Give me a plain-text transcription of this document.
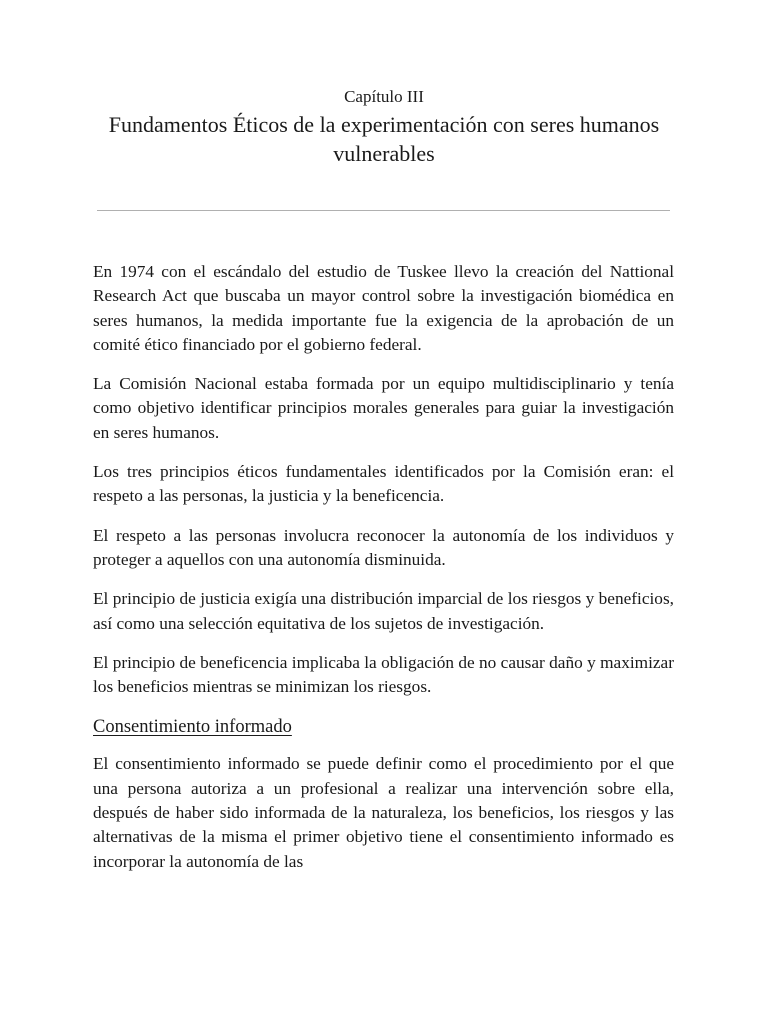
Capítulo III
Fundamentos Éticos de la experimentación con seres humanos vulnerables

En 1974 con el escándalo del estudio de Tuskee llevo la creación del Nattional Research Act que buscaba un mayor control sobre la investigación biomédica en seres humanos, la medida importante fue la exigencia de la aprobación de un comité ético financiado por el gobierno federal.

La Comisión Nacional estaba formada por un equipo multidisciplinario y tenía como objetivo identificar principios morales generales para guiar la investigación en seres humanos.

Los tres principios éticos fundamentales identificados por la Comisión eran: el respeto a las personas, la justicia y la beneficencia.

El respeto a las personas involucra reconocer la autonomía de los individuos y proteger a aquellos con una autonomía disminuida.

El principio de justicia exigía una distribución imparcial de los riesgos y beneficios, así como una selección equitativa de los sujetos de investigación.

El principio de beneficencia implicaba la obligación de no causar daño y maximizar los beneficios mientras se minimizan los riesgos.

Consentimiento informado

El consentimiento informado se puede definir como el procedimiento por el que una persona autoriza a un profesional a realizar una intervención sobre ella, después de haber sido informada de la naturaleza, los beneficios, los riesgos y las alternativas de la misma el primer objetivo tiene el consentimiento informado es incorporar la autonomía de las
